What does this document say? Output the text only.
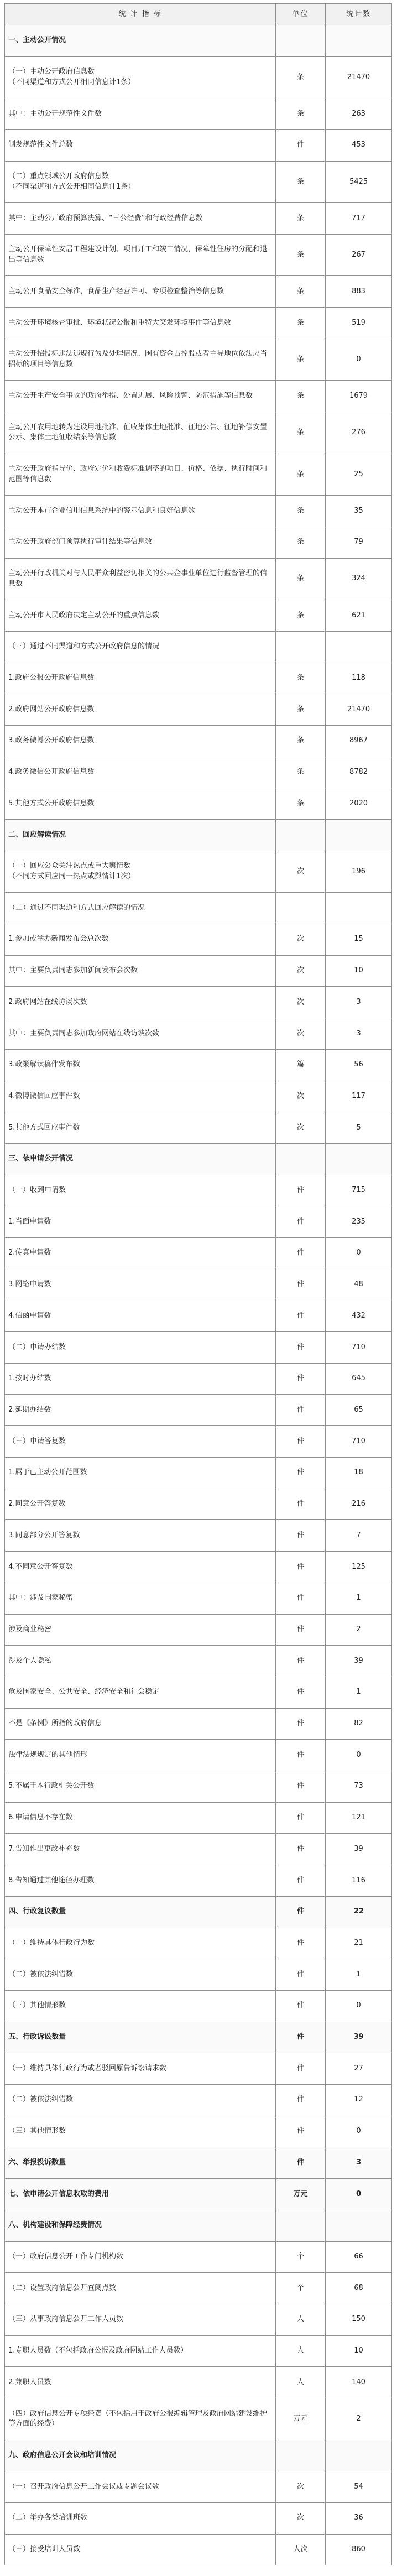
统 计 指 标	单位	统计数
一、主动公开情况		
（一）主动公开政府信息数
（不同渠道和方式公开相同信息计1条）	条	21470
其中：主动公开规范性文件数	条	263
制发规范性文件总数	件	453
（二）重点领域公开政府信息数
（不同渠道和方式公开相同信息计1条）	条	5425
其中：主动公开政府预算决算、“三公经费”和行政经费信息数	条	717
主动公开保障性安居工程建设计划、项目开工和竣工情况，保障性住房的分配和退出等信息数	条	267
主动公开食品安全标准，食品生产经营许可、专项检查整治等信息数	条	883
主动公开环境核查审批、环境状况公报和重特大突发环境事件等信息数	条	519
主动公开招投标违法违规行为及处理情况、国有资金占控股或者主导地位依法应当招标的项目等信息数	条	0
主动公开生产安全事故的政府举措、处置进展、风险预警、防范措施等信息数	条	1679
主动公开农用地转为建设用地批准、征收集体土地批准、征地公告、征地补偿安置公示、集体土地征收结案等信息数	条	276
主动公开政府指导价、政府定价和收费标准调整的项目、价格、依据、执行时间和范围等信息数	条	25
主动公开本市企业信用信息系统中的警示信息和良好信息数	条	35
主动公开政府部门预算执行审计结果等信息数	条	79
主动公开行政机关对与人民群众利益密切相关的公共企事业单位进行监督管理的信息数	条	324
主动公开市人民政府决定主动公开的重点信息数	条	621
（三）通过不同渠道和方式公开政府信息的情况		
1.政府公报公开政府信息数	条	118
2.政府网站公开政府信息数	条	21470
3.政务微博公开政府信息数	条	8967
4.政务微信公开政府信息数	条	8782
5.其他方式公开政府信息数	条	2020
二、回应解读情况		
（一）回应公众关注热点或重大舆情数
（不同方式回应同一热点或舆情计1次）	次	196
（二）通过不同渠道和方式回应解读的情况		
1.参加或举办新闻发布会总次数	次	15
其中：主要负责同志参加新闻发布会次数	次	10
2.政府网站在线访谈次数	次	3
其中：主要负责同志参加政府网站在线访谈次数	次	3
3.政策解读稿件发布数	篇	56
4.微博微信回应事件数	次	117
5.其他方式回应事件数	次	5
三、依申请公开情况		
（一）收到申请数	件	715
1.当面申请数	件	235
2.传真申请数	件	0
3.网络申请数	件	48
4.信函申请数	件	432
（二）申请办结数	件	710
1.按时办结数	件	645
2.延期办结数	件	65
（三）申请答复数	件	710
1.属于已主动公开范围数	件	18
2.同意公开答复数	件	216
3.同意部分公开答复数	件	7
4.不同意公开答复数	件	125
其中：涉及国家秘密	件	1
涉及商业秘密	件	2
涉及个人隐私	件	39
危及国家安全、公共安全、经济安全和社会稳定	件	1
不是《条例》所指的政府信息	件	82
法律法规规定的其他情形	件	0
5.不属于本行政机关公开数	件	73
6.申请信息不存在数	件	121
7.告知作出更改补充数	件	39
8.告知通过其他途径办理数	件	116
四、行政复议数量	件	22
（一）维持具体行政行为数	件	21
（二）被依法纠错数	件	1
（三）其他情形数	件	0
五、行政诉讼数量	件	39
（一）维持具体行政行为或者驳回原告诉讼请求数	件	27
（二）被依法纠错数	件	12
（三）其他情形数	件	0
六、举报投诉数量	件	3
七、依申请公开信息收取的费用	万元	0
八、机构建设和保障经费情况		
（一）政府信息公开工作专门机构数	个	66
（二）设置政府信息公开查阅点数	个	68
（三）从事政府信息公开工作人员数	人	150
1.专职人员数（不包括政府公报及政府网站工作人员数）	人	10
2.兼职人员数	人	140
（四）政府信息公开专项经费（不包括用于政府公报编辑管理及政府网站建设维护等方面的经费）	万元	2
九、政府信息公开会议和培训情况		
（一）召开政府信息公开工作会议或专题会议数	次	54
（二）举办各类培训班数	次	36
（三）接受培训人员数	人次	860
